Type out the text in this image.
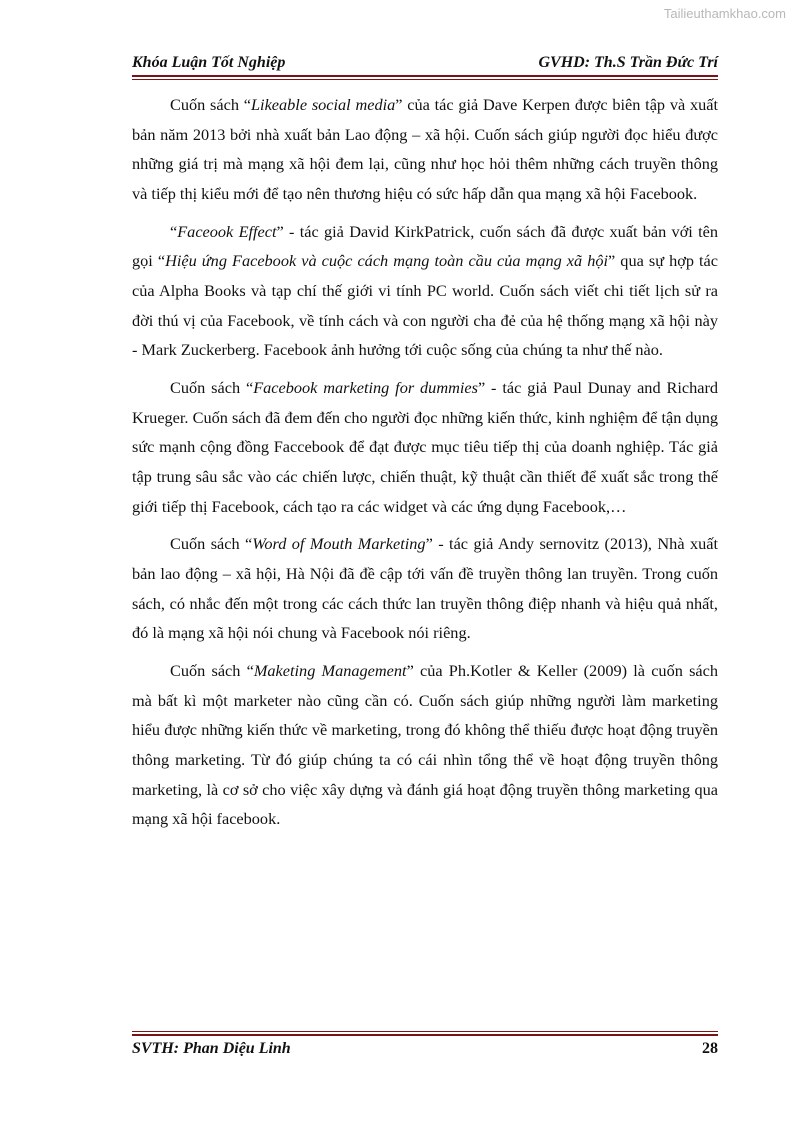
Tailieuthamkhao.com
Khóa Luận Tốt Nghiệp	GVHD: Th.S Trần Đức Trí

Cuốn sách “Likeable social media” của tác giả Dave Kerpen được biên tập và xuất bản năm 2013 bởi nhà xuất bản Lao động – xã hội. Cuốn sách giúp người đọc hiểu được những giá trị mà mạng xã hội đem lại, cũng như học hỏi thêm những cách truyền thông và tiếp thị kiểu mới để tạo nên thương hiệu có sức hấp dẫn qua mạng xã hội Facebook.

“Faceook Effect” - tác giả David KirkPatrick, cuốn sách đã được xuất bản với tên gọi “Hiệu ứng Facebook và cuộc cách mạng toàn cầu của mạng xã hội” qua sự hợp tác của Alpha Books và tạp chí thế giới vi tính PC world. Cuốn sách viết chi tiết lịch sử ra đời thú vị của Facebook, về tính cách và con người cha đẻ của hệ thống mạng xã hội này - Mark Zuckerberg. Facebook ảnh hưởng tới cuộc sống của chúng ta như thế nào.

Cuốn sách “Facebook marketing for dummies” - tác giả Paul Dunay and Richard Krueger. Cuốn sách đã đem đến cho người đọc những kiến thức, kinh nghiệm để tận dụng sức mạnh cộng đồng Faccebook để đạt được mục tiêu tiếp thị của doanh nghiệp. Tác giả tập trung sâu sắc vào các chiến lược, chiến thuật, kỹ thuật cần thiết để xuất sắc trong thế giới tiếp thị Facebook, cách tạo ra các widget và các ứng dụng Facebook,…

Cuốn sách “Word of Mouth Marketing” - tác giả Andy sernovitz (2013), Nhà xuất bản lao động – xã hội, Hà Nội đã đề cập tới vấn đề truyền thông lan truyền. Trong cuốn sách, có nhắc đến một trong các cách thức lan truyền thông điệp nhanh và hiệu quả nhất, đó là mạng xã hội nói chung và Facebook nói riêng.

Cuốn sách “Maketing Management” của Ph.Kotler & Keller (2009) là cuốn sách mà bất kì một marketer nào cũng cần có. Cuốn sách giúp những người làm marketing hiểu được những kiến thức về marketing, trong đó không thể thiếu được hoạt động truyền thông marketing. Từ đó giúp chúng ta có cái nhìn tổng thể về hoạt động truyền thông marketing, là cơ sở cho việc xây dựng và đánh giá hoạt động truyền thông marketing qua mạng xã hội facebook.

SVTH: Phan Diệu Linh	28
